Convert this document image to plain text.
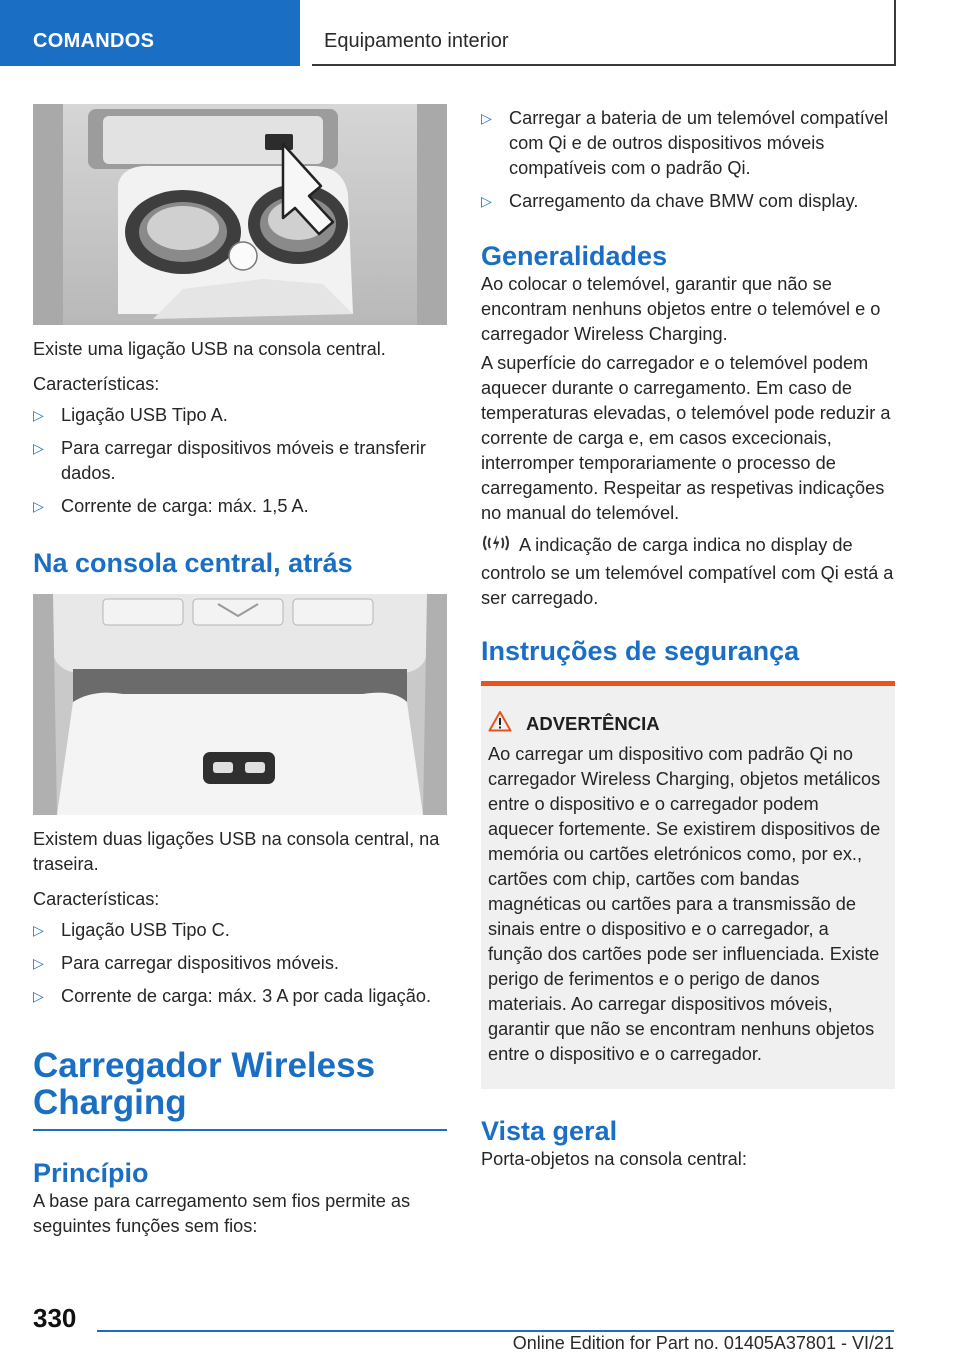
COMANDOS	Equipamento interior

Existe uma ligação USB na consola central.

Características:

▷ Ligação USB Tipo A.
▷ Para carregar dispositivos móveis e transferir dados.
▷ Corrente de carga: máx. 1,5 A.
Na consola central, atrás

Existem duas ligações USB na consola central, na traseira.

Características:

▷ Ligação USB Tipo C.
▷ Para carregar dispositivos móveis.
▷ Corrente de carga: máx. 3 A por cada ligação.
Carregador Wireless Charging
Princípio

A base para carregamento sem fios permite as seguintes funções sem fios:

▷ Carregar a bateria de um telemóvel compatível com Qi e de outros dispositivos móveis compatíveis com o padrão Qi.
▷ Carregamento da chave BMW com display.
Generalidades

Ao colocar o telemóvel, garantir que não se encontram nenhuns objetos entre o telemóvel e o carregador Wireless Charging.

A superfície do carregador e o telemóvel podem aquecer durante o carregamento. Em caso de temperaturas elevadas, o telemóvel pode reduzir a corrente de carga e, em casos excecionais, interromper temporariamente o processo de carregamento. Respeitar as respetivas indicações no manual do telemóvel.

A indicação de carga indica no display de controlo se um telemóvel compatível com Qi está a ser carregado.

Instruções de segurança
ADVERTÊNCIA

Ao carregar um dispositivo com padrão Qi no carregador Wireless Charging, objetos metálicos entre o dispositivo e o carregador podem aquecer fortemente. Se existirem dispositivos de memória ou cartões eletrónicos como, por ex., cartões com chip, cartões com bandas magnéticas ou cartões para a transmissão de sinais entre o dispositivo e o carregador, a função dos cartões pode ser influenciada. Existe perigo de ferimentos e o perigo de danos materiais. Ao carregar dispositivos móveis, garantir que não se encontram nenhuns objetos entre o dispositivo e o carregador.

Vista geral

Porta-objetos na consola central:

330
Online Edition for Part no. 01405A37801 - VI/21
